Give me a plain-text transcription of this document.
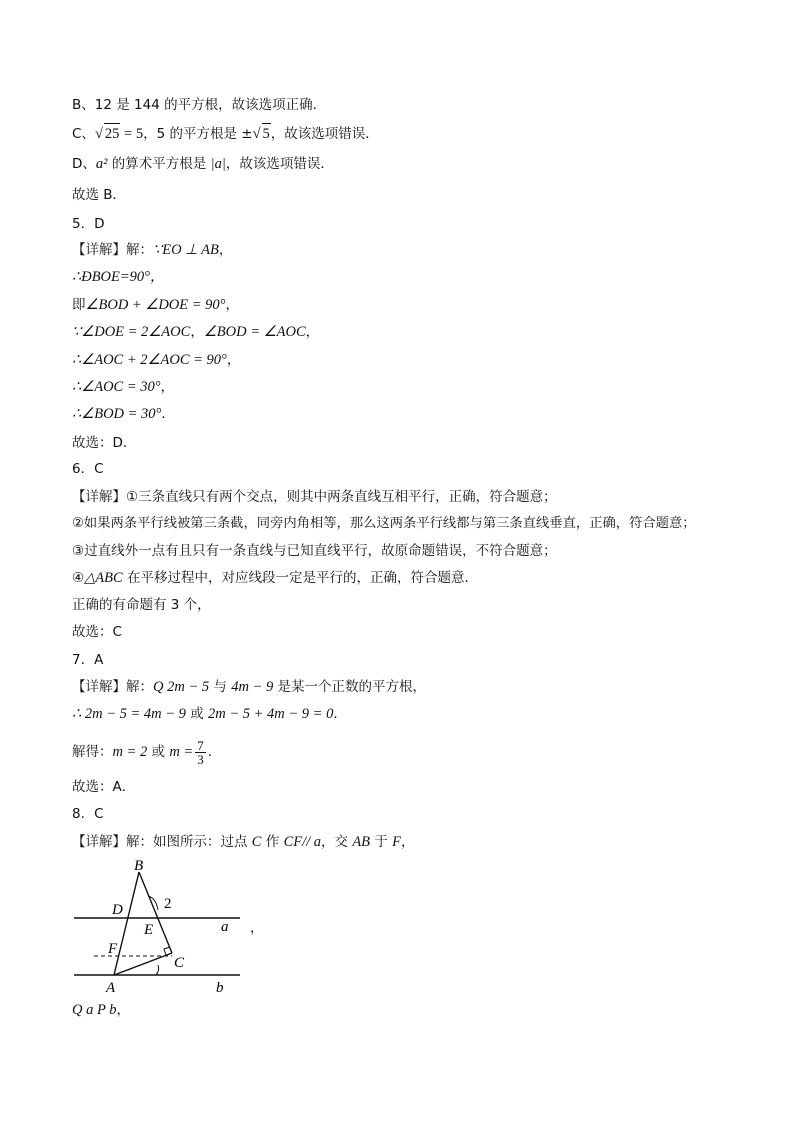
B、12 是 144 的平方根，故该选项正确．
C、√ 25 = 5，5 的平方根是 ±√ 5，故该选项错误．
D、a² 的算术平方根是 |a|，故该选项错误．
故选 B．
5．D
【详解】解：∵EO ⊥ AB，
∴ÐBOE=90°，
即∠BOD + ∠DOE = 90°，
∵∠DOE = 2∠AOC，∠BOD = ∠AOC，
∴∠AOC + 2∠AOC = 90°，
∴∠AOC = 30°，
∴∠BOD = 30°．
故选：D．
6．C
【详解】①三条直线只有两个交点，则其中两条直线互相平行，正确，符合题意；
②如果两条平行线被第三条截，同旁内角相等，那么这两条平行线都与第三条直线垂直，正确，符合题意；
③过直线外一点有且只有一条直线与已知直线平行，故原命题错误，不符合题意；
④△ABC 在平移过程中，对应线段一定是平行的，正确，符合题意．
正确的有命题有 3 个，
故选：C
7．A
【详解】解：Q 2m − 5 与 4m − 9 是某一个正数的平方根，
∴ 2m − 5 = 4m − 9 或 2m − 5 + 4m − 9 = 0．
解得：m = 2 或 $m = \frac{7}{3}$ ．
故选：A．
8．C
【详解】解：如图所示：过点 C 作 CF// a，交 AB 于 F，
B
D	2
E	a
F
C
A	b
，
Q a P b，
